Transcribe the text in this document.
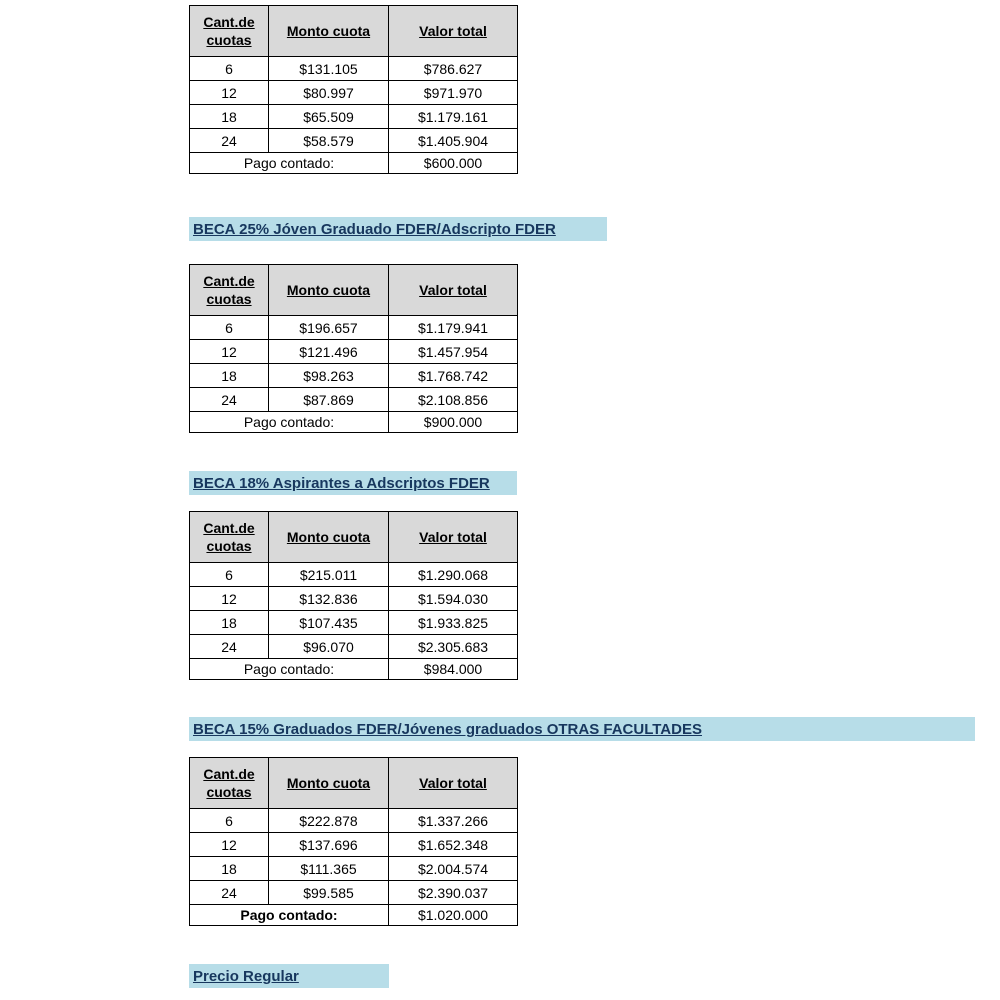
Cant.de cuotas	Monto cuota	Valor total
6	$131.105	$786.627
12	$80.997	$971.970
18	$65.509	$1.179.161
24	$58.579	$1.405.904
Pago contado:		$600.000
BECA 25% Jóven Graduado FDER/Adscripto FDER
Cant.de cuotas	Monto cuota	Valor total
6	$196.657	$1.179.941
12	$121.496	$1.457.954
18	$98.263	$1.768.742
24	$87.869	$2.108.856
Pago contado:		$900.000
BECA 18% Aspirantes a Adscriptos FDER
Cant.de cuotas	Monto cuota	Valor total
6	$215.011	$1.290.068
12	$132.836	$1.594.030
18	$107.435	$1.933.825
24	$96.070	$2.305.683
Pago contado:		$984.000
BECA 15% Graduados FDER/Jóvenes graduados OTRAS FACULTADES
Cant.de cuotas	Monto cuota	Valor total
6	$222.878	$1.337.266
12	$137.696	$1.652.348
18	$111.365	$2.004.574
24	$99.585	$2.390.037
Pago contado:		$1.020.000
Precio Regular
